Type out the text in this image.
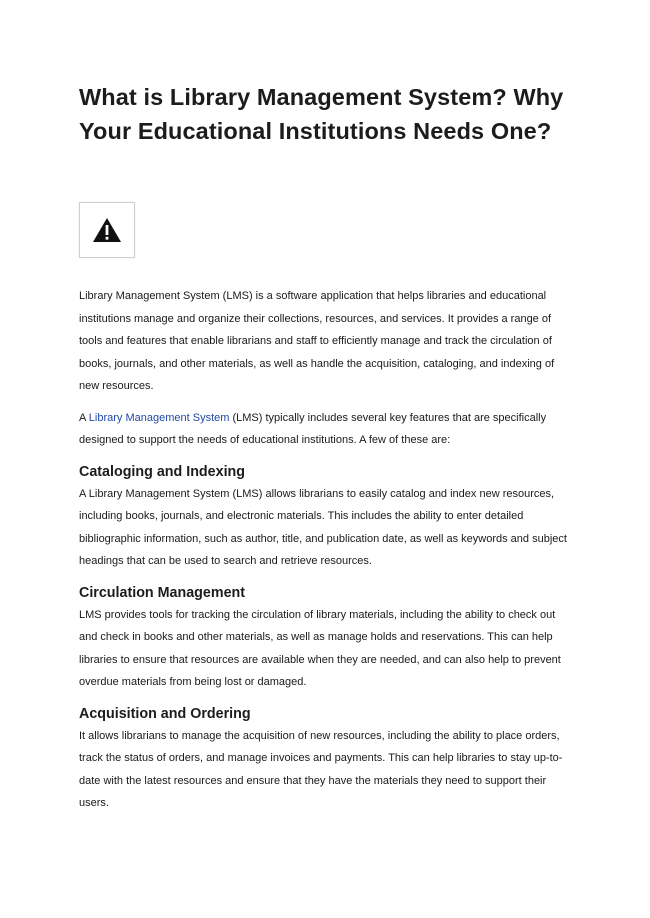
What is Library Management System? Why Your Educational Institutions Needs One?

Library Management System (LMS) is a software application that helps libraries and educational institutions manage and organize their collections, resources, and services. It provides a range of tools and features that enable librarians and staff to efficiently manage and track the circulation of books, journals, and other materials, as well as handle the acquisition, cataloging, and indexing of new resources.

A Library Management System (LMS) typically includes several key features that are specifically designed to support the needs of educational institutions. A few of these are:

Cataloging and Indexing

A Library Management System (LMS) allows librarians to easily catalog and index new resources, including books, journals, and electronic materials. This includes the ability to enter detailed bibliographic information, such as author, title, and publication date, as well as keywords and subject headings that can be used to search and retrieve resources.

Circulation Management

LMS provides tools for tracking the circulation of library materials, including the ability to check out and check in books and other materials, as well as manage holds and reservations. This can help libraries to ensure that resources are available when they are needed, and can also help to prevent overdue materials from being lost or damaged.

Acquisition and Ordering

It allows librarians to manage the acquisition of new resources, including the ability to place orders, track the status of orders, and manage invoices and payments. This can help libraries to stay up-to-date with the latest resources and ensure that they have the materials they need to support their users.
